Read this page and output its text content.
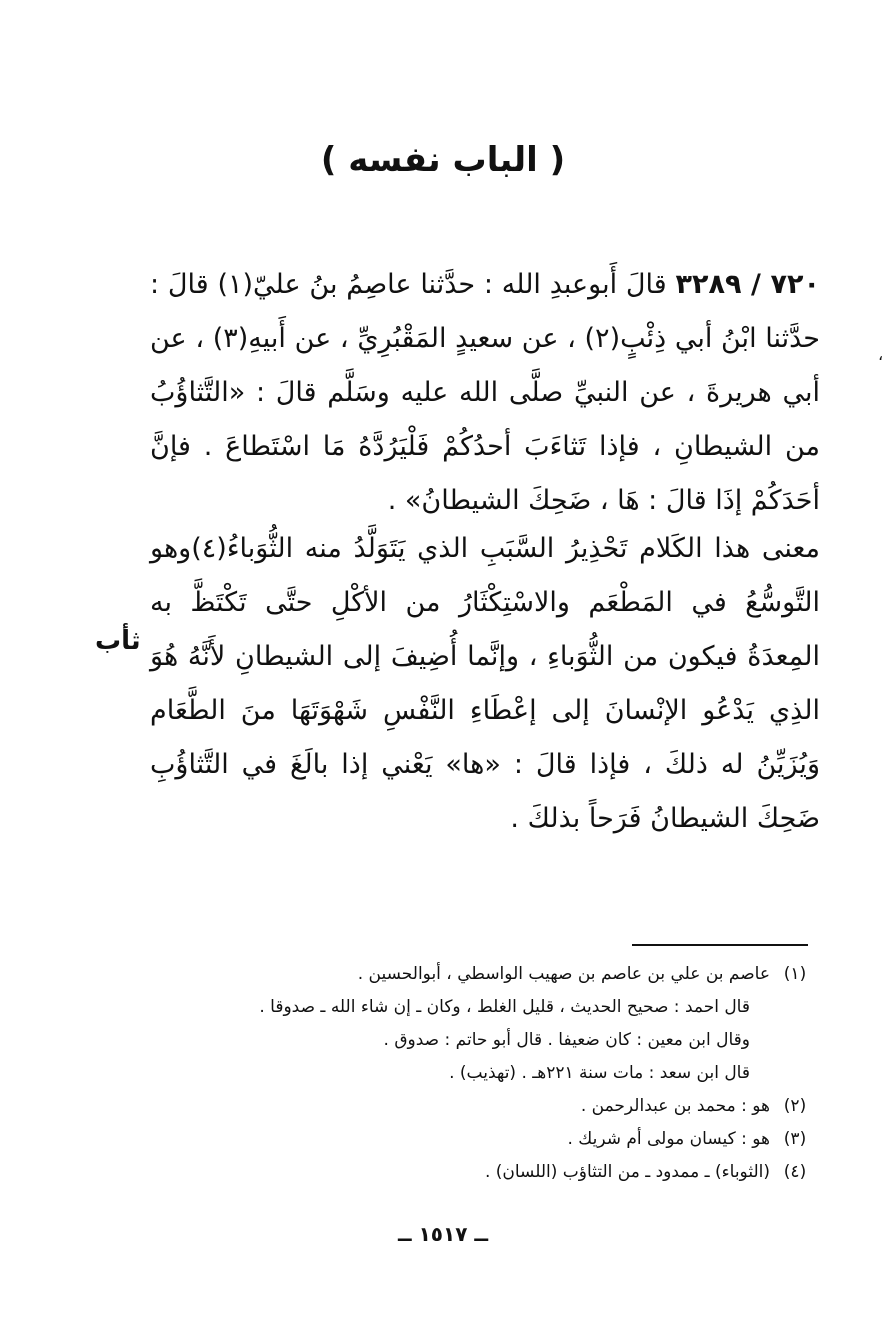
( الباب نفسه )
٧٢٠ / ٣٢٨٩ قالَ أَبوعبدِ الله : حدَّثنا عاصِمُ بنُ عليّ(١) قالَ : حدَّثنا ابْنُ أبي ذِئْبٍ(٢) ، عن سعيدٍ المَقْبُرِيِّ ، عن أَبيهِ(٣) ، عن أبي هريرةَ ، عن النبيِّ صلَّى الله عليه وسَلَّم قالَ : «التَّثاؤُبُ من الشيطانِ ، فإذا تَثاءَبَ أحدُكُمْ فَلْيَرُدَّهُ مَا اسْتَطاعَ . فإنَّ أحَدَكُمْ إذَا قالَ : هَا ، ضَحِكَ الشيطانُ» .
معنى هذا الكَلام تَحْذِيرُ السَّبَبِ الذي يَتَوَلَّدُ منه الثُّوَباءُ(٤)وهو التَّوسُّعُ في المَطْعَم والاسْتِكْثَارُ من الأكْلِ حتَّى تَكْتَظَّ به المِعدَةُ فيكون من الثُّوَباءِ ، وإنَّما أُضِيفَ إلى الشيطانِ لأَنَّهُ هُوَ الذِي يَدْعُو الإنْسانَ إلى إعْطَاءِ النَّفْسِ شَهْوَتَهَا منَ الطَّعَام وَيُزَيِّنُ له ذلكَ ، فإذا قالَ : «ها» يَعْني إذا بالَغَ في التَّثاؤُبِ ضَحِكَ الشيطانُ فَرَحاً بذلكَ .
ثأب
،
(١)
عاصم بن علي بن عاصم بن صهيب الواسطي ، أبوالحسين .
قال احمد : صحيح الحديث ، قليل الغلط ، وكان ـ إن شاء الله ـ صدوقا .
وقال ابن معين : كان ضعيفا . قال أبو حاتم : صدوق .
قال ابن سعد : مات سنة ٢٢١هـ . (تهذيب) .
(٢)
هو : محمد بن عبدالرحمن .
(٣)
هو : كيسان مولى أم شريك .
(٤)
(الثوباء) ـ ممدود ـ من التثاؤب (اللسان) .
ــ ١٥١٧ ــ
